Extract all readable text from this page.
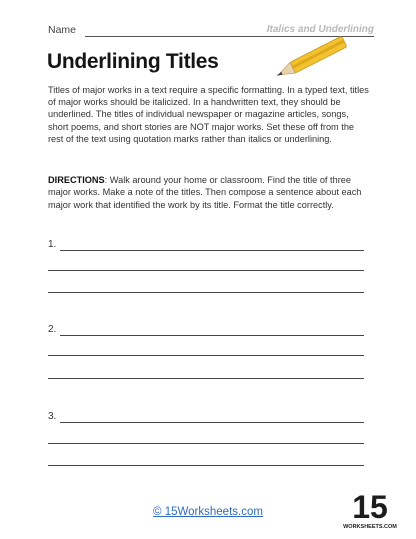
Name	Italics and Underlining
Underlining Titles
Titles of major works in a text require a specific formatting. In a typed text, titles of major works should be italicized. In a handwritten text, they should be underlined. The titles of individual newspaper or magazine articles, songs, short poems, and short stories are NOT major works. Set these off from the rest of the text using quotation marks rather than italics or underlining.
DIRECTIONS: Walk around your home or classroom. Find the title of three major works. Make a note of the titles. Then compose a sentence about each major work that identified the work by its title. Format the title correctly.
1.
2.
3.
© 15Worksheets.com	15
WORKSHEETS.COM
